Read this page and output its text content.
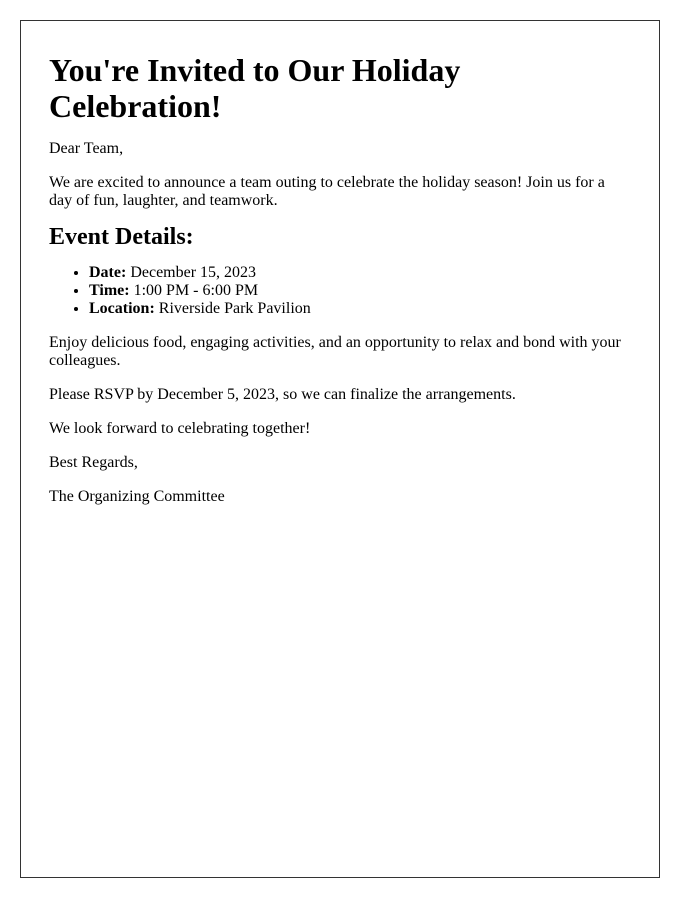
You're Invited to Our Holiday Celebration!

Dear Team,

We are excited to announce a team outing to celebrate the holiday season! Join us for a day of fun, laughter, and teamwork.

Event Details:
• Date: December 15, 2023
• Time: 1:00 PM - 6:00 PM
• Location: Riverside Park Pavilion

Enjoy delicious food, engaging activities, and an opportunity to relax and bond with your colleagues.

Please RSVP by December 5, 2023, so we can finalize the arrangements.

We look forward to celebrating together!

Best Regards,

The Organizing Committee
